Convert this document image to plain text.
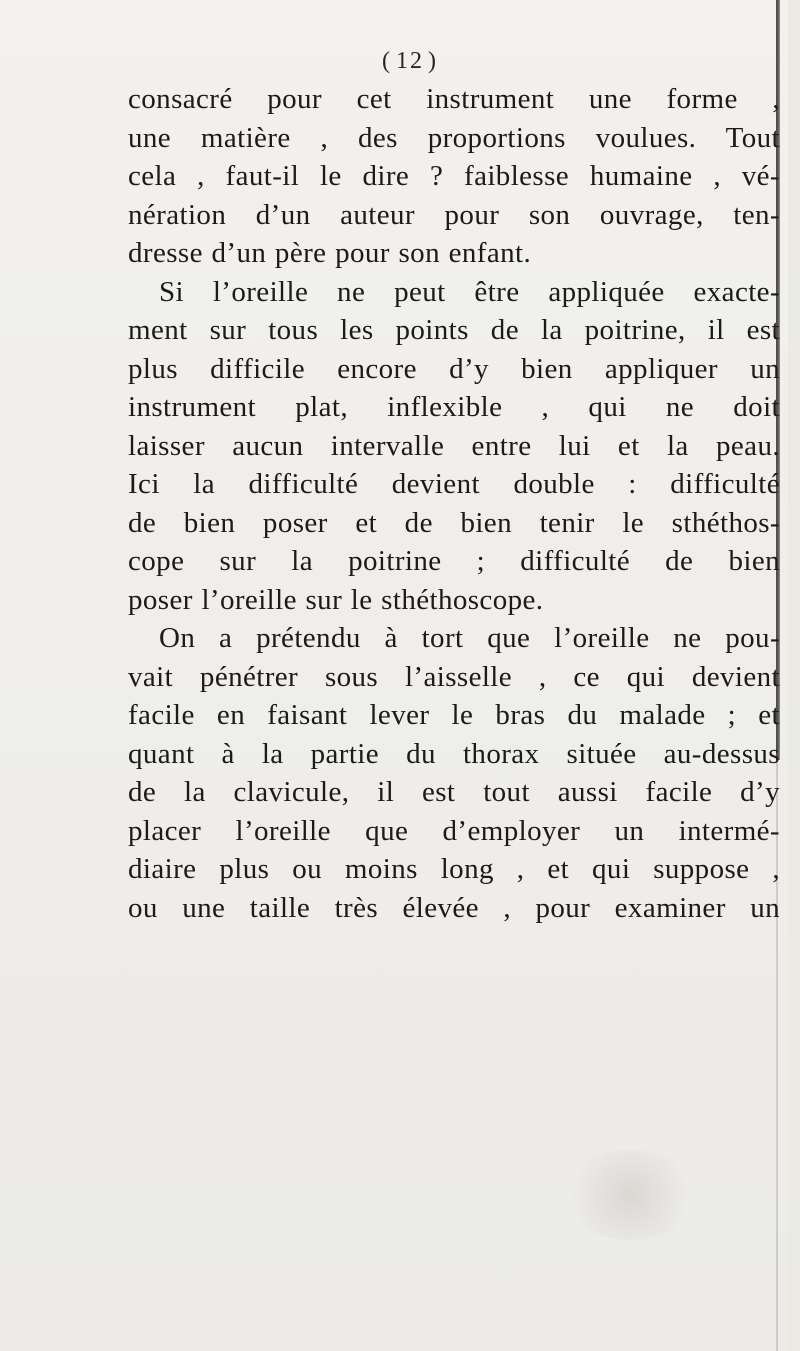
( 12 )
consacré pour cet instrument une forme ,
une matière , des proportions voulues. Tout
cela , faut-il le dire ? faiblesse humaine , vé-
nération d’un auteur pour son ouvrage, ten-
dresse d’un père pour son enfant.
Si l’oreille ne peut être appliquée exacte-
ment sur tous les points de la poitrine, il est
plus difficile encore d’y bien appliquer un
instrument plat, inflexible , qui ne doit
laisser aucun intervalle entre lui et la peau.
Ici la difficulté devient double : difficulté
de bien poser et de bien tenir le sthéthos-
cope sur la poitrine ; difficulté de bien
poser l’oreille sur le sthéthoscope.
On a prétendu à tort que l’oreille ne pou-
vait pénétrer sous l’aisselle , ce qui devient
facile en faisant lever le bras du malade ; et
quant à la partie du thorax située au-dessus
de la clavicule, il est tout aussi facile d’y
placer l’oreille que d’employer un intermé-
diaire plus ou moins long , et qui suppose ,
ou une taille très élevée , pour examiner un
